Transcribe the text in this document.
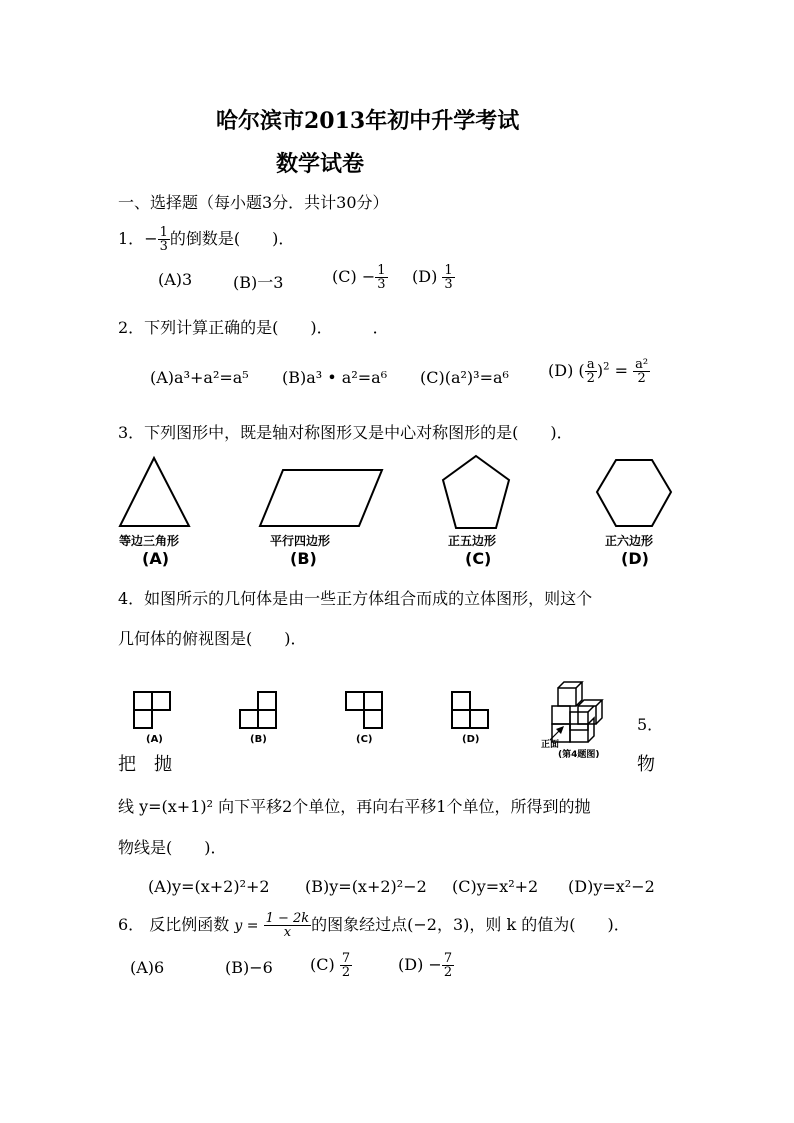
哈尔滨市2013年初中升学考试
数学试卷
一、选择题（每小题3分．共计30分）
1．− $\frac{1}{3}$ 的倒数是(　　)．
(A)3	(B)一3	$(C) - \frac{1}{3} (D) \frac{1}{3}$
2．下列计算正确的是(　　)．　　　．
(A)a³+a²=a⁵ (B)a³ • a²=a⁶ (C)(a²)³=a⁶ (D) ( $\frac{a}{2} )^2 = \frac{\text{a²}}{2}$
3．下列图形中，既是轴对称图形又是中心对称图形的是(　　)．
等边三角形
(A)
平行四边形
(B)
正五边形
(C)
正六边形
(D)
4．如图所示的几何体是由一些正方体组合而成的立体图形，则这个
几何体的俯视图是(　　)．
(A)	(B)	(C)	(D)	正面
(第4题图)
5．
把　抛	物
线 y=(x+1)² 向下平移2个单位，再向右平移1个单位，所得到的抛
物线是(　　)．
(A)y=(x+2)²+2 (B)y=(x+2)²−2 (C)y=x²+2 (D)y=x²−2
6． 反比例函数 $y = \frac{1 - 2k}{x}$ 的图象经过点(−2，3)，则 k 的值为(　　)．
(A)6	(B)−6 $(C) \frac{7}{2}$	$(D) - \frac{7}{2}$
